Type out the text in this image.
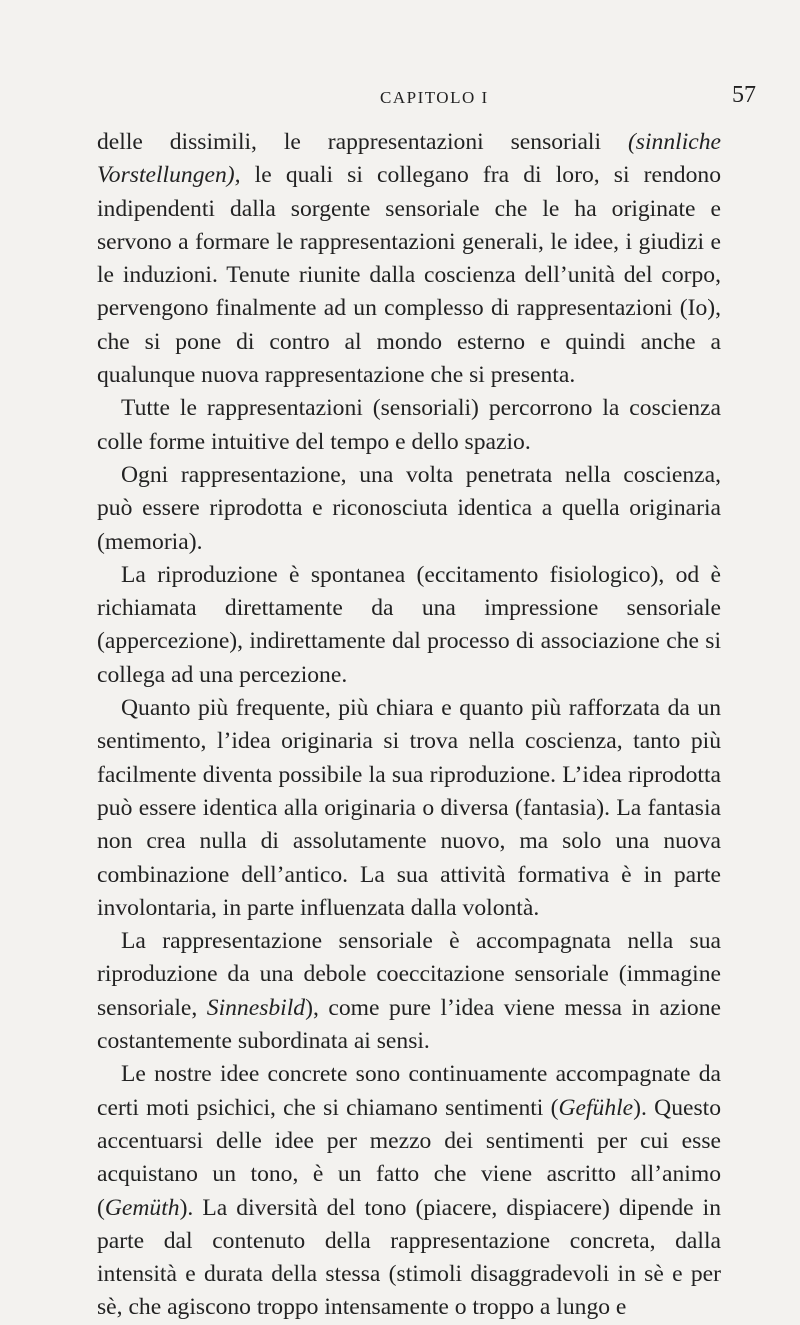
CAPITOLO I	57

delle dissimili, le rappresentazioni sensoriali (sinnliche Vorstellungen), le quali si collegano fra di loro, si rendono indipendenti dalla sorgente sensoriale che le ha originate e servono a formare le rappresentazioni generali, le idee, i giudizi e le induzioni. Tenute riunite dalla coscienza dell’unità del corpo, pervengono finalmente ad un complesso di rappresentazioni (Io), che si pone di contro al mondo esterno e quindi anche a qualunque nuova rappresentazione che si presenta.

Tutte le rappresentazioni (sensoriali) percorrono la coscienza colle forme intuitive del tempo e dello spazio.

Ogni rappresentazione, una volta penetrata nella coscienza, può essere riprodotta e riconosciuta identica a quella originaria (memoria).

La riproduzione è spontanea (eccitamento fisiologico), od è richiamata direttamente da una impressione sensoriale (appercezione), indirettamente dal processo di associazione che si collega ad una percezione.

Quanto più frequente, più chiara e quanto più rafforzata da un sentimento, l’idea originaria si trova nella coscienza, tanto più facilmente diventa possibile la sua riproduzione. L’idea riprodotta può essere identica alla originaria o diversa (fantasia). La fantasia non crea nulla di assolutamente nuovo, ma solo una nuova combinazione dell’antico. La sua attività formativa è in parte involontaria, in parte influenzata dalla volontà.

La rappresentazione sensoriale è accompagnata nella sua riproduzione da una debole coeccitazione sensoriale (immagine sensoriale, Sinnesbild), come pure l’idea viene messa in azione costantemente subordinata ai sensi.

Le nostre idee concrete sono continuamente accompagnate da certi moti psichici, che si chiamano sentimenti (Gefühle). Questo accentuarsi delle idee per mezzo dei sentimenti per cui esse acquistano un tono, è un fatto che viene ascritto all’animo (Gemüth). La diversità del tono (piacere, dispiacere) dipende in parte dal contenuto della rappresentazione concreta, dalla intensità e durata della stessa (stimoli disaggradevoli in sè e per sè, che agiscono troppo intensamente o troppo a lungo e
